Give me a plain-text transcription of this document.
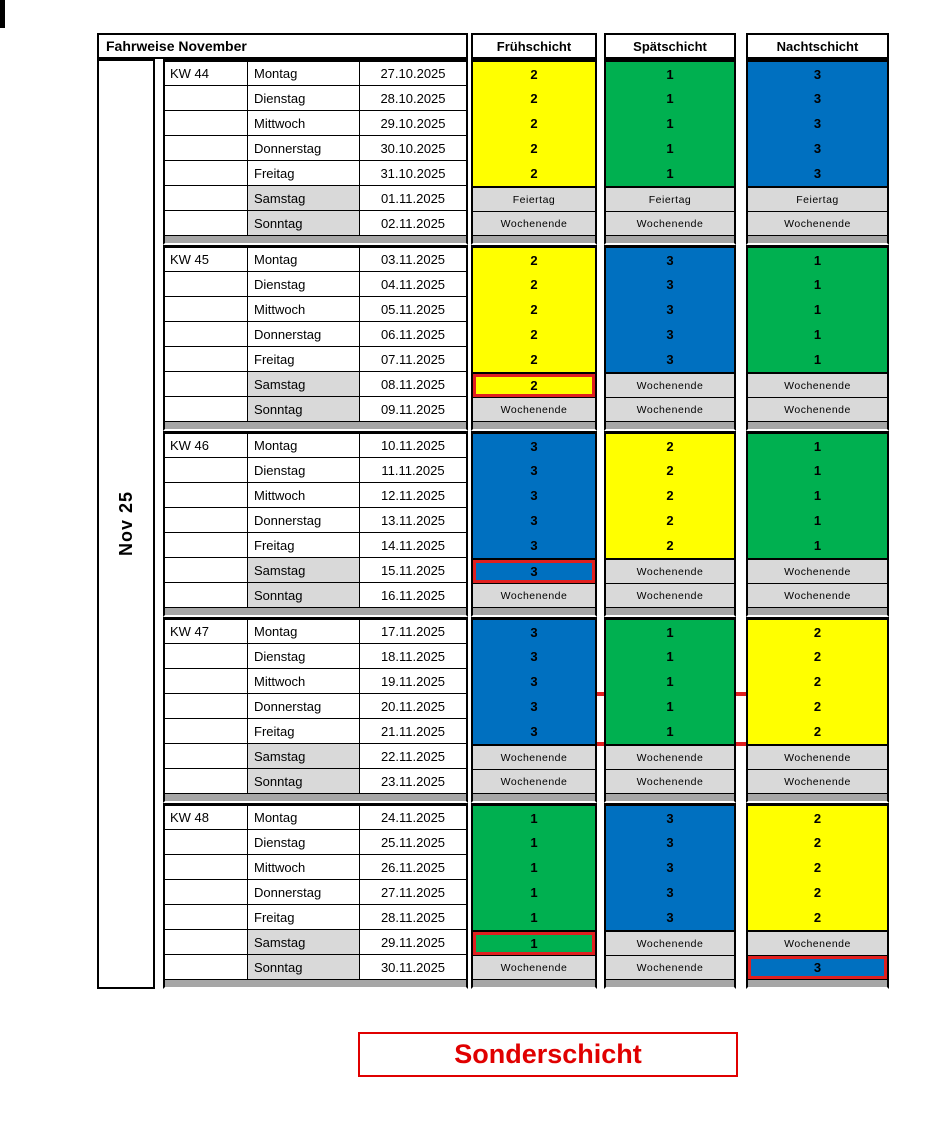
Fahrweise November	Frühschicht	Spätschicht	Nachtschicht
Nov 25
KW 44	Montag	27.10.2025	2	1	3
Dienstag	28.10.2025	2	1	3
Mittwoch	29.10.2025	2	1	3
Donnerstag	30.10.2025	2	1	3
Freitag	31.10.2025	2	1	3
Samstag	01.11.2025	Feiertag	Feiertag	Feiertag
Sonntag	02.11.2025	Wochenende	Wochenende	Wochenende
KW 45	Montag	03.11.2025	2	3	1
Dienstag	04.11.2025	2	3	1
Mittwoch	05.11.2025	2	3	1
Donnerstag	06.11.2025	2	3	1
Freitag	07.11.2025	2	3	1
Samstag	08.11.2025	2	Wochenende	Wochenende
Sonntag	09.11.2025	Wochenende	Wochenende	Wochenende
KW 46	Montag	10.11.2025	3	2	1
Dienstag	11.11.2025	3	2	1
Mittwoch	12.11.2025	3	2	1
Donnerstag	13.11.2025	3	2	1
Freitag	14.11.2025	3	2	1
Samstag	15.11.2025	3	Wochenende	Wochenende
Sonntag	16.11.2025	Wochenende	Wochenende	Wochenende
KW 47	Montag	17.11.2025	3	1	2
Dienstag	18.11.2025	3	1	2
Mittwoch	19.11.2025	3	1	2
Donnerstag	20.11.2025	3	1	2
Freitag	21.11.2025	3	1	2
Samstag	22.11.2025	Wochenende	Wochenende	Wochenende
Sonntag	23.11.2025	Wochenende	Wochenende	Wochenende
KW 48	Montag	24.11.2025	1	3	2
Dienstag	25.11.2025	1	3	2
Mittwoch	26.11.2025	1	3	2
Donnerstag	27.11.2025	1	3	2
Freitag	28.11.2025	1	3	2
Samstag	29.11.2025	1	Wochenende	Wochenende
Sonntag	30.11.2025	Wochenende	Wochenende	3
Sonderschicht
